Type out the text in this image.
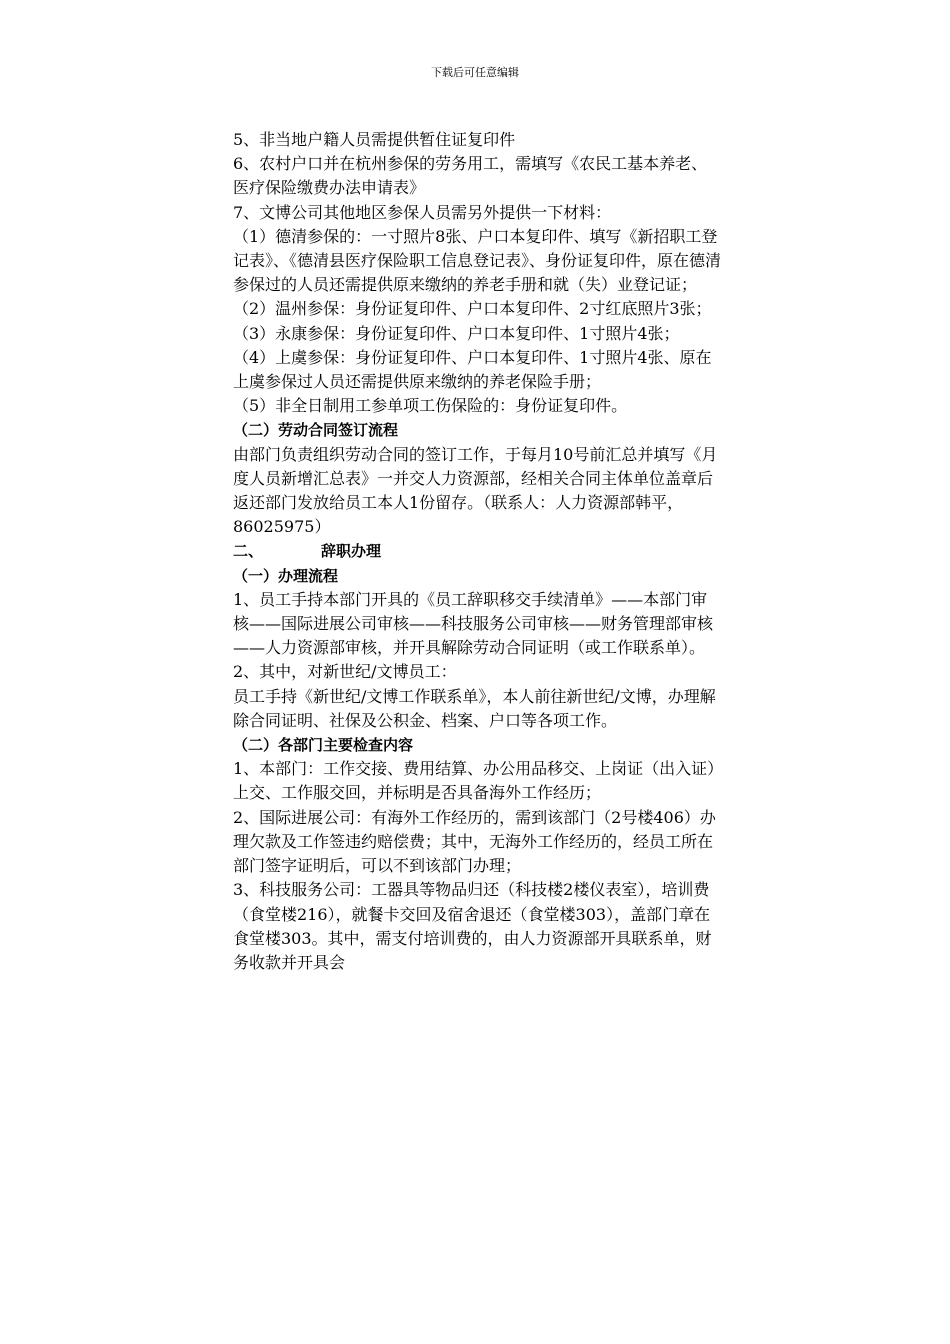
下载后可任意编辑

5、非当地户籍人员需提供暂住证复印件

6、农村户口并在杭州参保的劳务用工，需填写《农民工基本养老、医疗保险缴费办法申请表》

7、文博公司其他地区参保人员需另外提供一下材料：

（1）德清参保的：一寸照片8张、户口本复印件、填写《新招职工登记表》、《德清县医疗保险职工信息登记表》、身份证复印件，原在德清参保过的人员还需提供原来缴纳的养老手册和就（失）业登记证；

（2）温州参保：身份证复印件、户口本复印件、2寸红底照片3张；

（3）永康参保：身份证复印件、户口本复印件、1寸照片4张；

（4）上虞参保：身份证复印件、户口本复印件、1寸照片4张、原在上虞参保过人员还需提供原来缴纳的养老保险手册；

（5）非全日制用工参单项工伤保险的：身份证复印件。

（二）劳动合同签订流程

由部门负责组织劳动合同的签订工作，于每月10号前汇总并填写《月度人员新增汇总表》一并交人力资源部，经相关合同主体单位盖章后返还部门发放给员工本人1份留存。（联系人：人力资源部韩平，86025975）

二、	辞职办理

（一）办理流程

1、员工手持本部门开具的《员工辞职移交手续清单》——本部门审核——国际进展公司审核——科技服务公司审核——财务管理部审核——人力资源部审核，并开具解除劳动合同证明（或工作联系单）。

2、其中，对新世纪/文博员工：

员工手持《新世纪/文博工作联系单》，本人前往新世纪/文博，办理解除合同证明、社保及公积金、档案、户口等各项工作。

（二）各部门主要检查内容

1、本部门：工作交接、费用结算、办公用品移交、上岗证（出入证）上交、工作服交回，并标明是否具备海外工作经历；

2、国际进展公司：有海外工作经历的，需到该部门（2号楼406）办理欠款及工作签违约赔偿费；其中，无海外工作经历的，经员工所在部门签字证明后，可以不到该部门办理；

3、科技服务公司：工器具等物品归还（科技楼2楼仪表室），培训费（食堂楼216），就餐卡交回及宿舍退还（食堂楼303），盖部门章在食堂楼303。其中，需支付培训费的，由人力资源部开具联系单，财务收款并开具会
